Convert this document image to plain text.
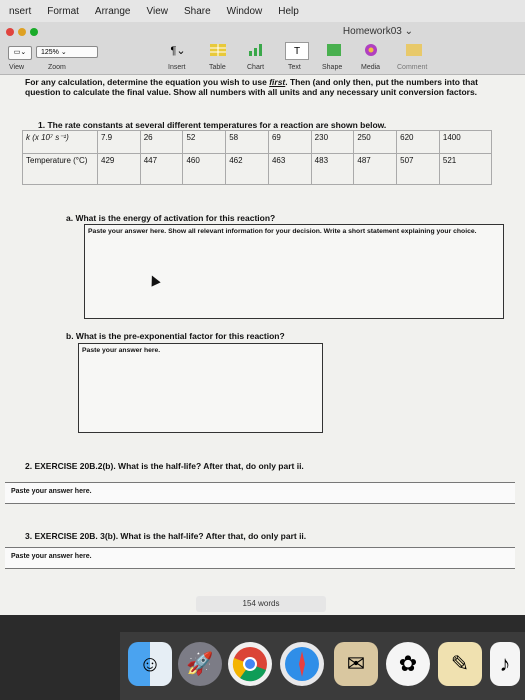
nsert Format Arrange View Share Window Help
Homework03 ⌄
▭⌄
View
125% ⌄
Zoom
¶⌄
Insert	Table	Chart
T
Text	Shape	Media Comment
For any calculation, determine the equation you wish to use first. Then (and only then, put the numbers into that question to calculate the final value. Show all numbers with all units and any necessary unit conversion factors.
1. The rate constants at several different temperatures for a reaction are shown below.
k (x 10⁷ s⁻¹)	7.9	26	52	58	69	230	250	620	1400
Temperature (°C)	429	447	460	462	463	483	487	507	521
a. What is the energy of activation for this reaction?
Paste your answer here. Show all relevant information for your decision. Write a short statement explaining your choice.
b. What is the pre-exponential factor for this reaction?
Paste your answer here.
2. EXERCISE 20B.2(b). What is the half-life? After that, do only part ii.
Paste your answer here.
3. EXERCISE 20B. 3(b). What is the half-life? After that, do only part ii.
Paste your answer here.
154 words
☺	🚀	✉	✿	✎	♪
